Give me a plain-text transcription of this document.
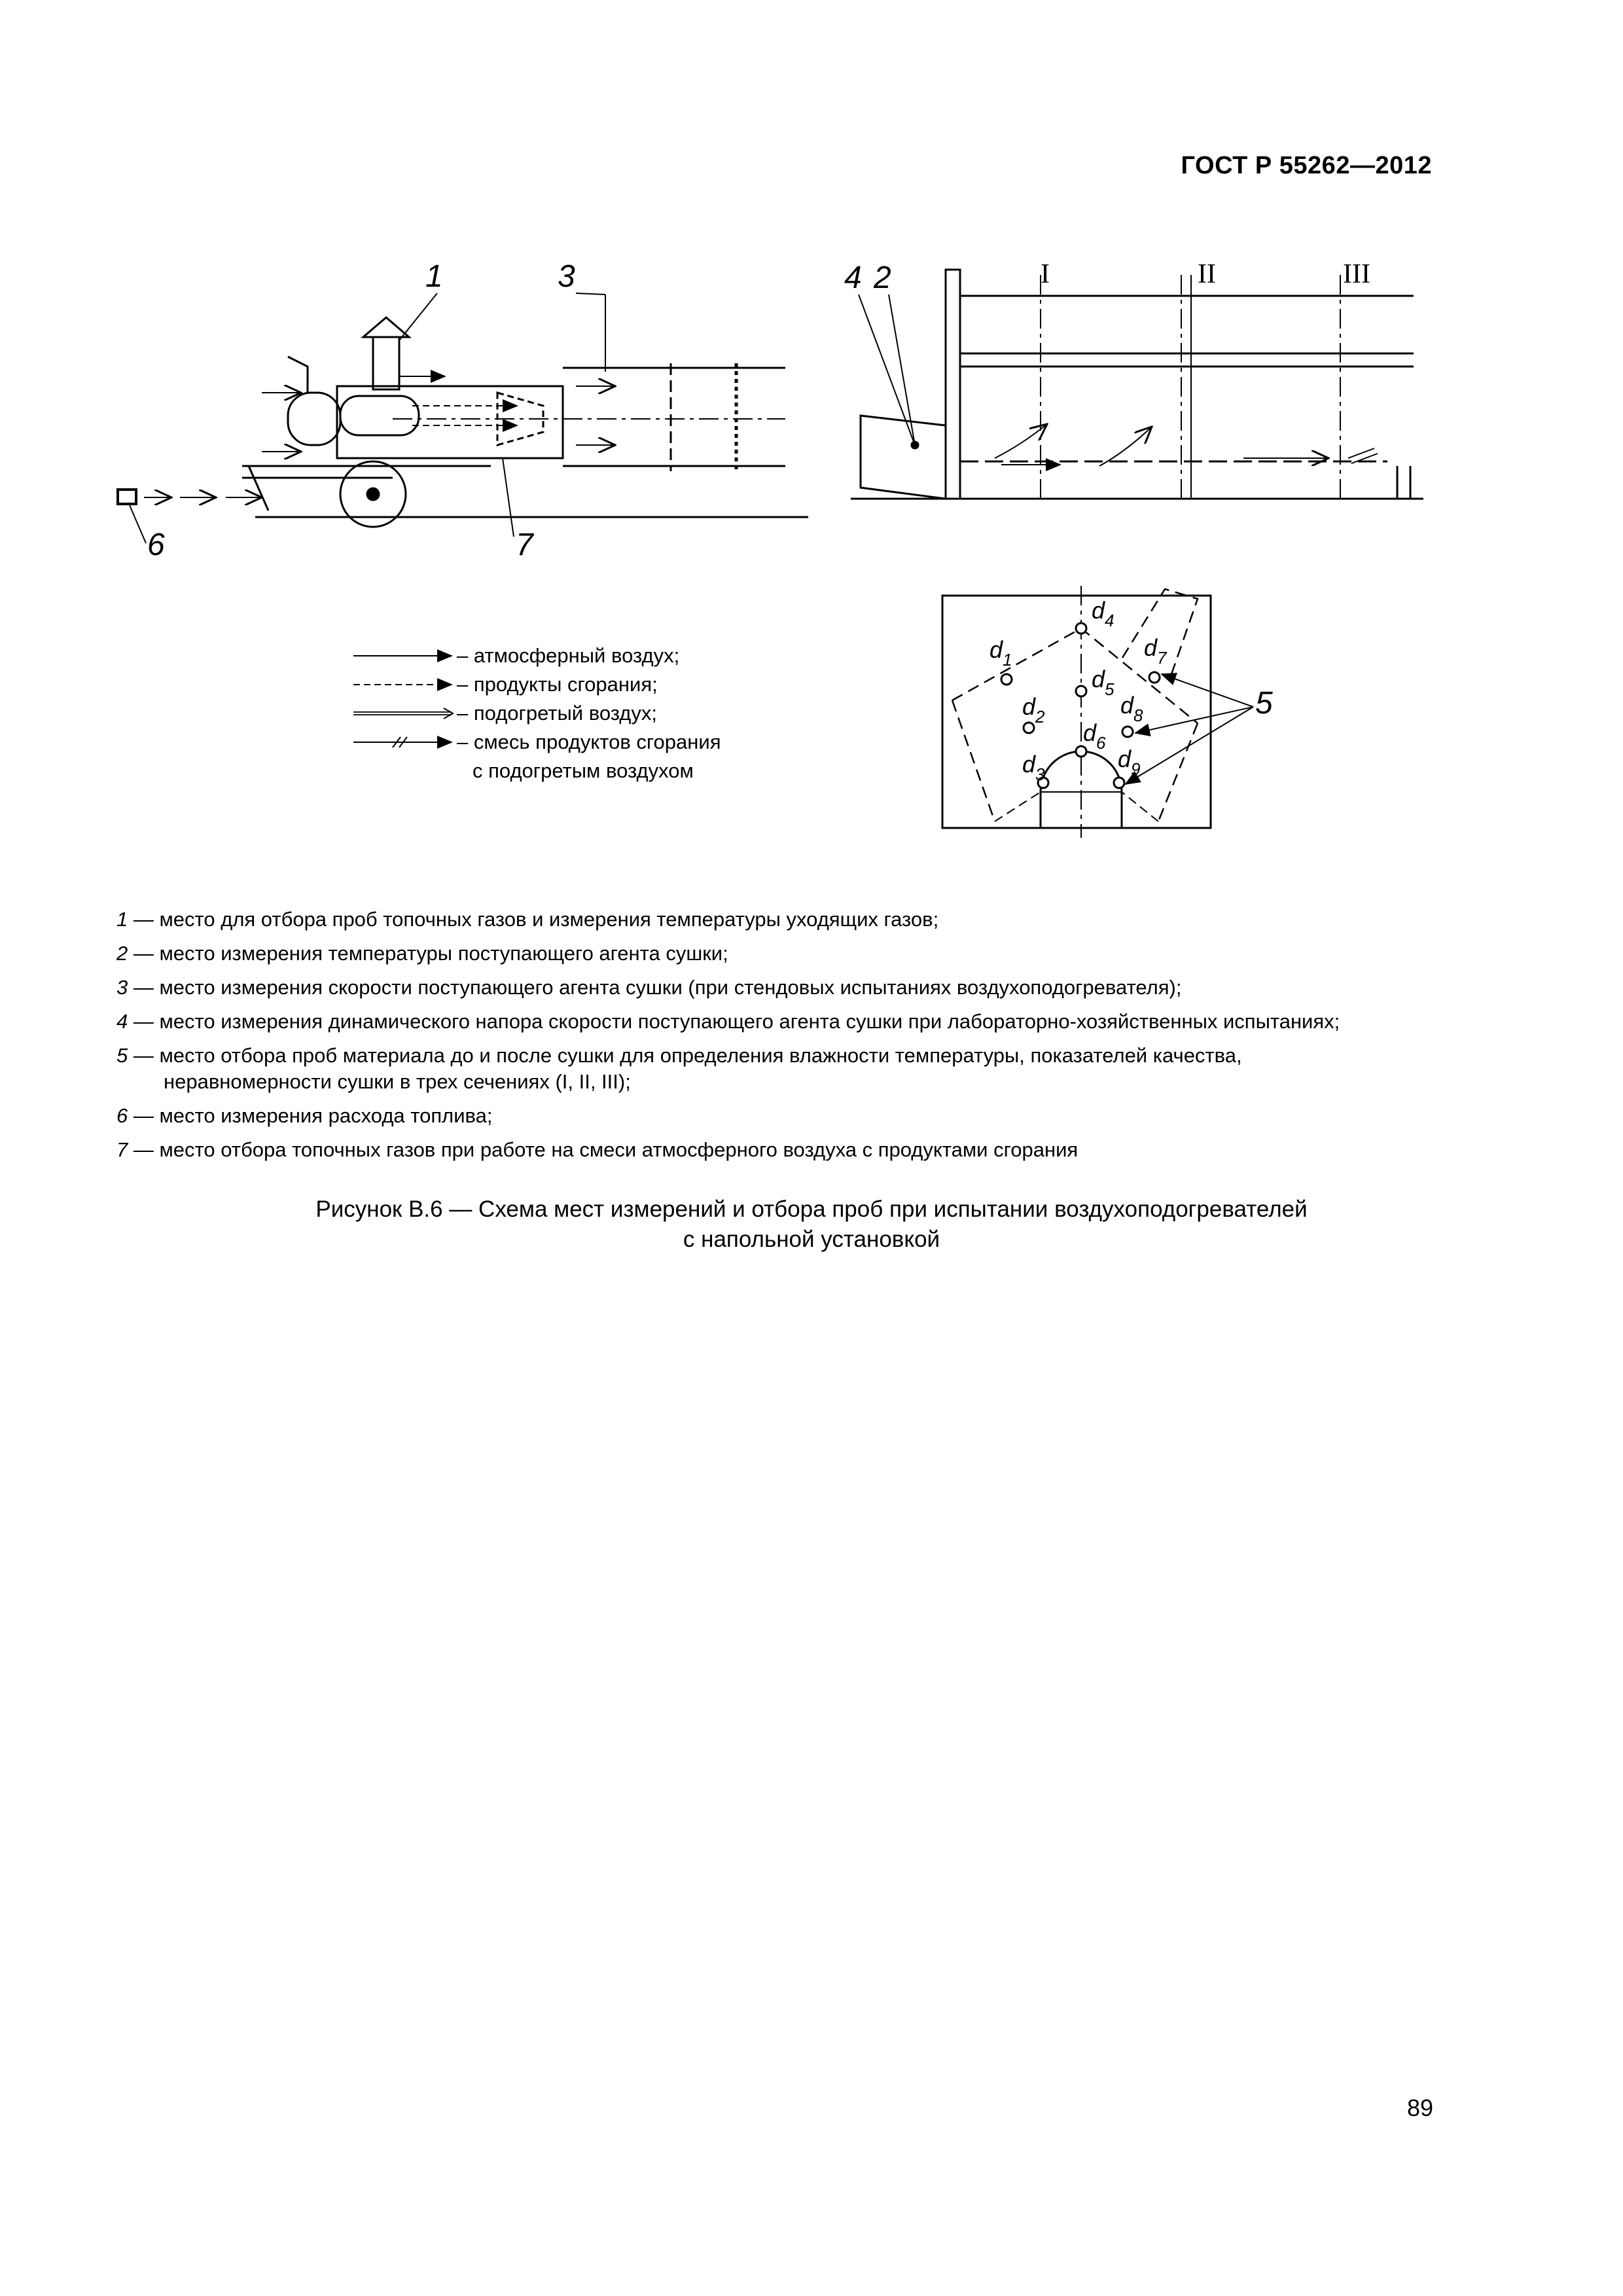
ГОСТ Р 55262—2012
1	3
6	7
4 2	I	II	III
$d_1$
$d_2$
$d_3$
$d_4$
$d_5$
$d_6$
$d_7$
$d_8$
$d_9$
5
– атмосферный воздух;
– продукты сгорания;
– подогретый воздух;
– смесь продуктов сгорания
с подогретым воздухом
1 — место для отбора проб топочных газов и измерения температуры уходящих газов;
2 — место измерения температуры поступающего агента сушки;
3 — место измерения скорости поступающего агента сушки (при стендовых испытаниях воздухоподогревателя);
4 — место измерения динамического напора скорости поступающего агента сушки при лабораторно-хозяйственных испытаниях;
5 — место отбора проб материала до и после сушки для определения влажности температуры, показателей качества,
неравномерности сушки в трех сечениях (I, II, III);
6 — место измерения расхода топлива;
7 — место отбора топочных газов при работе на смеси атмосферного воздуха с продуктами сгорания
Рисунок В.6 — Схема мест измерений и отбора проб при испытании воздухоподогревателей
с напольной установкой
89
